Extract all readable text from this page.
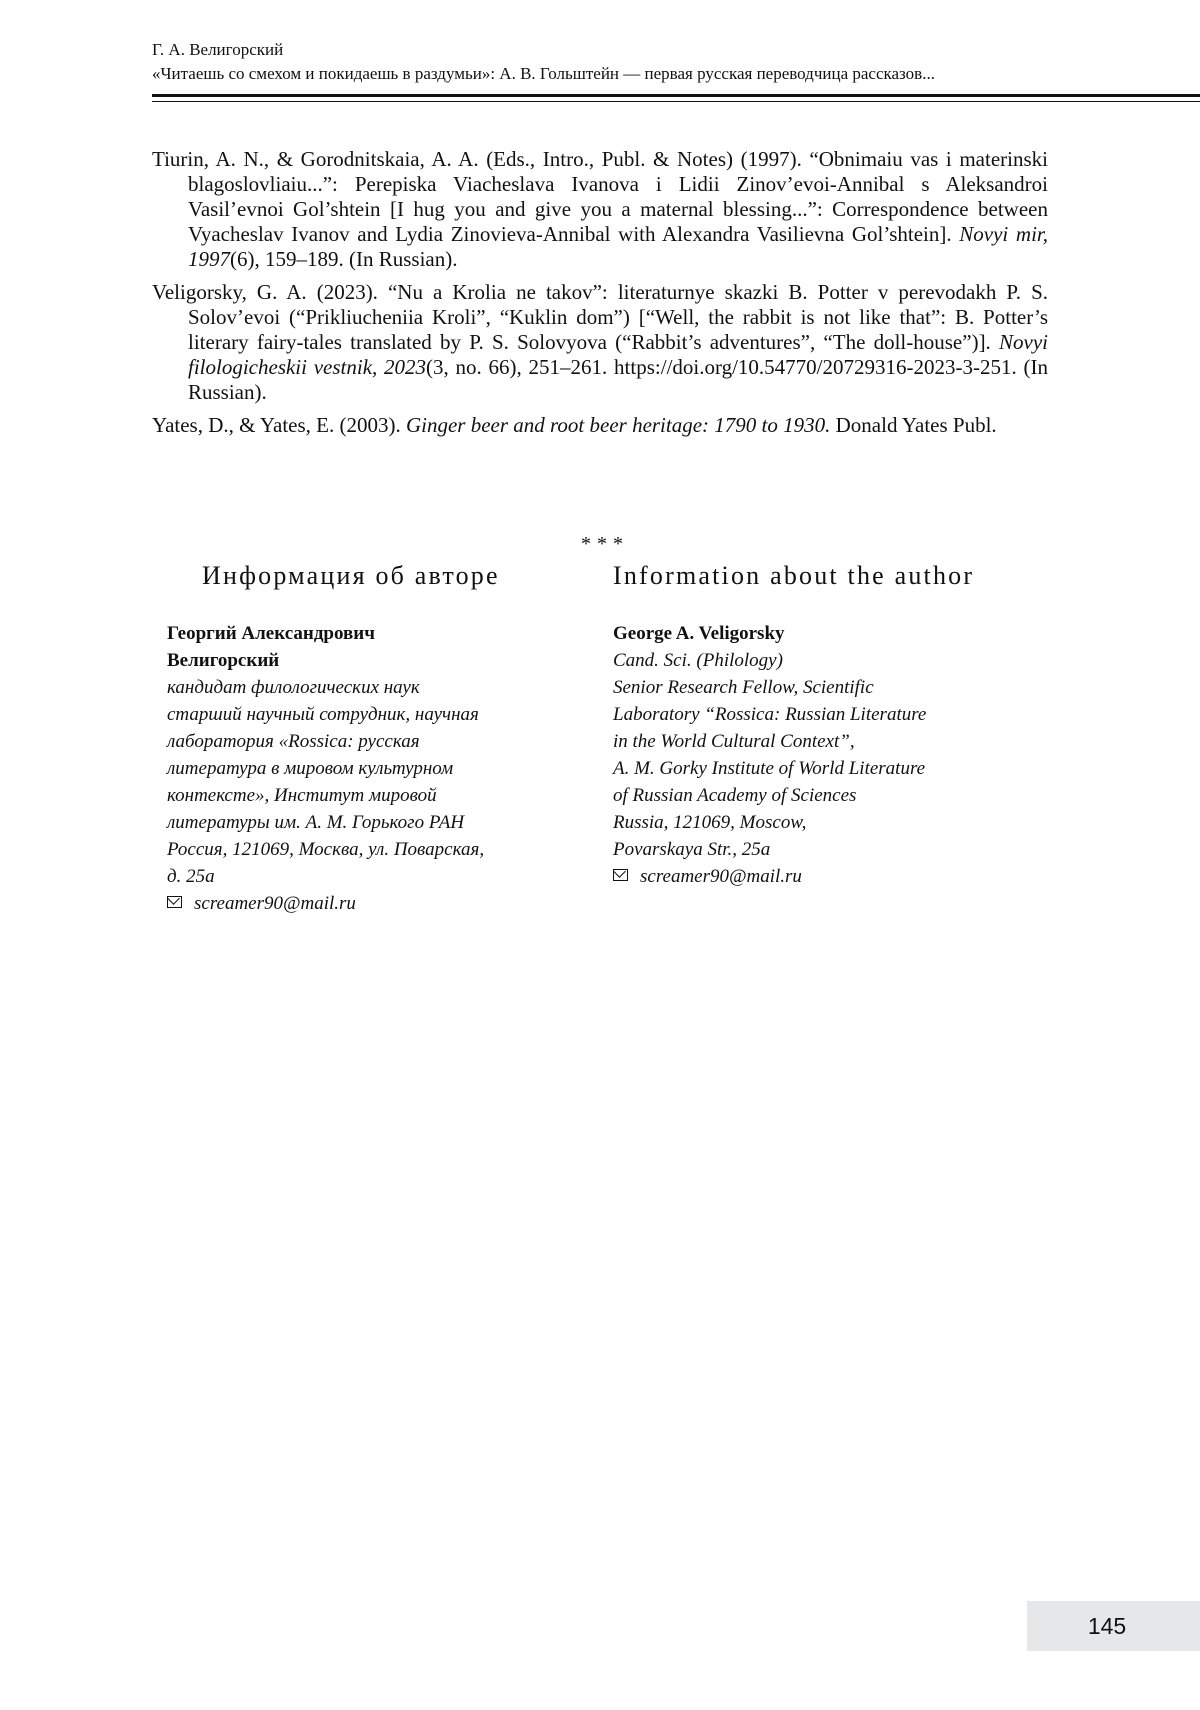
Г. А. Велигорский
«Читаешь со смехом и покидаешь в раздумьи»: А. В. Гольштейн — первая русская переводчица рассказов...

Tiurin, A. N., & Gorodnitskaia, A. A. (Eds., Intro., Publ. & Notes) (1997). “Obnimaiu vas i materinski blagoslovliaiu...”: Perepiska Viacheslava Ivanova i Lidii Zinov’evoi-Annibal s Aleksandroi Vasil’evnoi Gol’shtein [I hug you and give you a maternal blessing...”: Correspondence between Vyacheslav Ivanov and Lydia Zinovieva-Annibal with Alexandra Vasilievna Gol’shtein]. Novyi mir, 1997(6), 159–189. (In Russian).

Veligorsky, G. A. (2023). “Nu a Krolia ne takov”: literaturnye skazki B. Potter v perevodakh P. S. Solov’evoi (“Prikliucheniia Kroli”, “Kuklin dom”) [“Well, the rabbit is not like that”: B. Potter’s literary fairy-tales translated by P. S. Solovyova (“Rabbit’s adventures”, “The doll-house”)]. Novyi filologicheskii vestnik, 2023(3, no. 66), 251–261. https://doi.org/10.54770/20729316-2023-3-251. (In Russian).

Yates, D., & Yates, E. (2003). Ginger beer and root beer heritage: 1790 to 1930. Donald Yates Publ.

***
Информация об авторе

Георгий Александрович

Велигорский

кандидат филологических наук

старший научный сотрудник, научная

лаборатория «Rossica: русская

литература в мировом культурном

контексте», Институт мировой

литературы им. А. М. Горького РАН

Россия, 121069, Москва, ул. Поварская,

д. 25а

screamer90@mail.ru

Information about the author

George A. Veligorsky

Cand. Sci. (Philology)

Senior Research Fellow, Scientific

Laboratory “Rossica: Russian Literature

in the World Cultural Context”,

A. M. Gorky Institute of World Literature

of Russian Academy of Sciences

Russia, 121069, Moscow,

Povarskaya Str., 25a

screamer90@mail.ru

145
